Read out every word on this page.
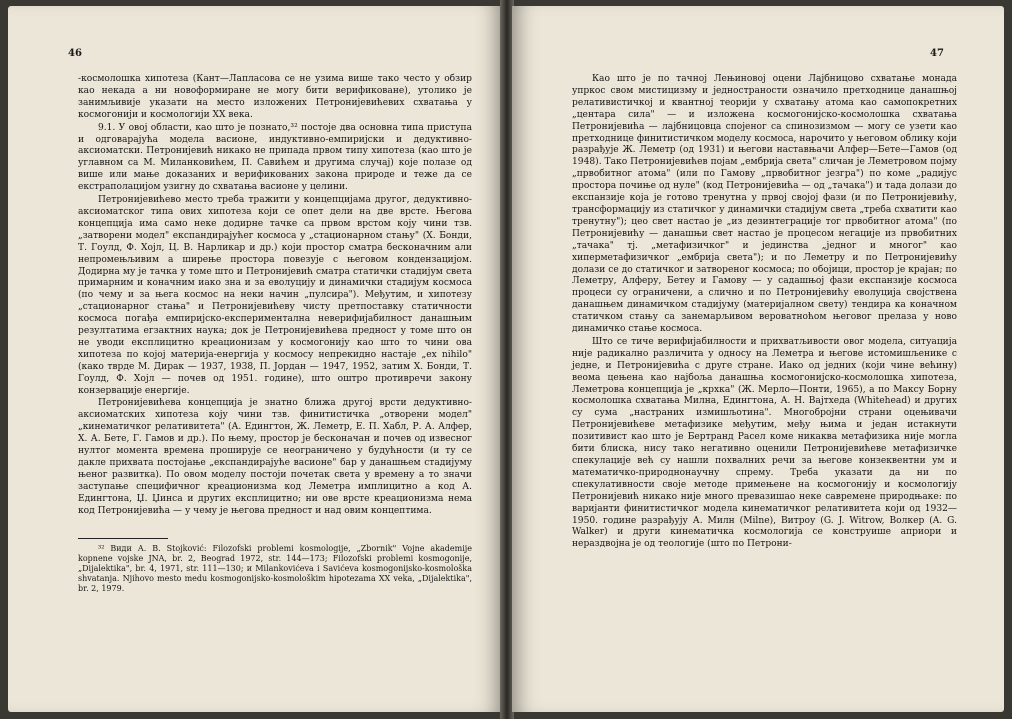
46

-космолошка хипотеза (Кант—Лапласова се не узима више тако често у обзир као некада а ни новоформиране не могу бити верификоване), утолико је занимљивије указати на место изложених Петронијевићевих схватања у космогонији и космологији XX века.

9.1. У овој области, као што је познато,³² постоје два основна типа приступа и одговарајућа модела васионе, индуктивно-емпиријски и дедуктивно-аксиоматски. Петронијевић никако не припада првом типу хипотеза (као што је углавном са М. Миланковићем, П. Савићем и другима случај) које полазе од више или мање доказаних и верификованих закона природе и теже да се екстраполацијом узигну до схватања васионе у целини.

Петронијевићево место треба тражити у концепцијама другог, дедуктивно-аксиоматског типа ових хипотеза који се опет дели на две врсте. Његова концепција има само неке додирне тачке са првом врстом коју чини тзв. „затворени модел" експандирајућег космоса у „стационарном стању" (Х. Бонди, Т. Гоулд, Ф. Хојл, Ц. В. Нарликар и др.) који простор сматра бесконачним али непромењљивим а ширење простора повезује с његовом кондензацијом. Додирна му је тачка у томе што и Петронијевић сматра статички стадијум света примарним и коначним иако зна и за еволуцију и динамички стадијум космоса (по чему и за њега космос на неки начин „пулсира"). Међутим, и хипотезу „стационарног стања" и Петронијевићеву чисту претпоставку статичности космоса погађа емпиријско-експериментална неверифијабилност данашњим резултатима егзактних наука; док је Петронијевићева предност у томе што он не уводи експлицитно креационизам у космогонију као што то чини ова хипотеза по којој материја-енергија у космосу непрекидно настаје „ex nihilo" (како тврде М. Дирак — 1937, 1938, П. Јордан — 1947, 1952, затим Х. Бонди, Т. Гоулд, Ф. Хојл — почев од 1951. године), што оштро противречи закону конзервације енергије.

Петронијевићева концепција је знатно ближа другој врсти дедуктивно-аксиоматских хипотеза коју чини тзв. финитистичка „отворени модел" „кинематичког релативитета" (А. Едингтон, Ж. Леметр, Е. П. Хабл, Р. А. Алфер, Х. А. Бете, Г. Гамов и др.). По њему, простор је бесконачан и почев од извесног нултог момента времена проширује се неограничено у будућности (и ту се дакле прихвата постојање „експандирајуће васионе" бар у данашњем стадијуму њеног развитка). По овом моделу постоји почетак света у времену а то значи заступање специфичног креационизма код Леметра имплицитно а код А. Едингтона, Џ. Џинса и других експлицитно; ни ове врсте креационизма нема код Петронијевића — у чему је његова предност и над овим концептима.

³² Види А. В. Stojković: Filozofski problemi kosmologije, „Zbornik" Vojne akademije kopnene vojske JNA, br. 2, Beograd 1972, str. 144—173; Filozofski problemi kosmogonije, „Dijalektika", br. 4, 1971, str. 111—130; и Milankovićeva i Savićeva kosmogonijsko-kosmološka shvatanja. Njihovo mesto medu kosmogonijsko-kosmološkim hipotezama XX veka, „Dijalektika", br. 2, 1979.

47

Као што је по тачној Лењиновој оцени Лајбницово схватање монада упркос свом мистицизму и једностраности означило претходнице данашњој релативистичкој и квантној теорији у схватању атома као самопокретних „центара сила" — и изложена космогонијско-космолошка схватања Петронијевића — лајбницовца спојеног са спинозизмом — могу се узети као претходнице финитистичком моделу космоса, нарочито у његовом облику који разрађује Ж. Леметр (од 1931) и његови наставњачи Алфер—Бете—Гамов (од 1948). Тако Петронијевићев појам „ембрија света" сличан је Леметровом појму „првобитног атома" (или по Гамову „првобитног језгра") по коме „радијус простора почиње од нуле" (код Петронијевића — од „тачака") и тада долази до експанзије која је готово тренутна у првој својој фази (и по Петронијевићу, трансформацију из статичког у динамички стадијум света „треба схватити као тренутну"); цео свет настао је „из дезинтеграције тог првобитног атома" (по Петронијевићу — данашњи свет настао је процесом негације из првобитних „тачака" тј. „метафизичког" и јединства „једног и многог" као хиперметафизичког „ембрија света"); и по Леметру и по Петронијевићу долази се до статичког и затвореног космоса; по обојици, простор је крајан; по Леметру, Алферу, Бетеу и Гамову — у садашњој фази експанзије космоса процеси су ограничени, а слично и по Петронијевићу еволуција својствена данашњем динамичком стадијуму (материјалном свету) тендира ка коначном статичком стању са занемарљивом вероватноћом његовог прелаза у ново динамичко стање космоса.

Што се тиче верифијабилности и прихватљивости овог модела, ситуација није радикално различита у односу на Леметра и његове истомишљенике с једне, и Петронијевића с друге стране. Иако од једних (који чине већину) веома цењена као најбоља данашња космогонијско-космолошка хипотеза, Леметрова концепција је „крхка" (Ж. Мерло—Понти, 1965), а по Максу Борну космолошка схватања Милна, Едингтона, А. Н. Вајтхеда (Whitehead) и других су сума „настраних измишљотина". Многобројни страни оцењивачи Петронијевићеве метафизике међутим, међу њима и један истакнути позитивист као што је Бертранд Расел коме никаква метафизика није могла бити блиска, нису тако негативно оценили Петронијевићеве метафизичке спекулације већ су нашли похвалних речи за његове конзеквентни ум и математичко-природнонаучну спрему. Треба указати да ни по спекулативности своје методе примењене на космогонију и космологију Петронијевић никако није много превазишао неке савремене природњаке: по варијанти финитистичког модела кинематичког релативитета који од 1932— 1950. године разрађују А. Милн (Milne), Витроу (G. J. Witrow, Волкер (A. G. Walker) и други кинематичка космологија се конструише априори и нераздвојна је од теологије (што по Петрони-
